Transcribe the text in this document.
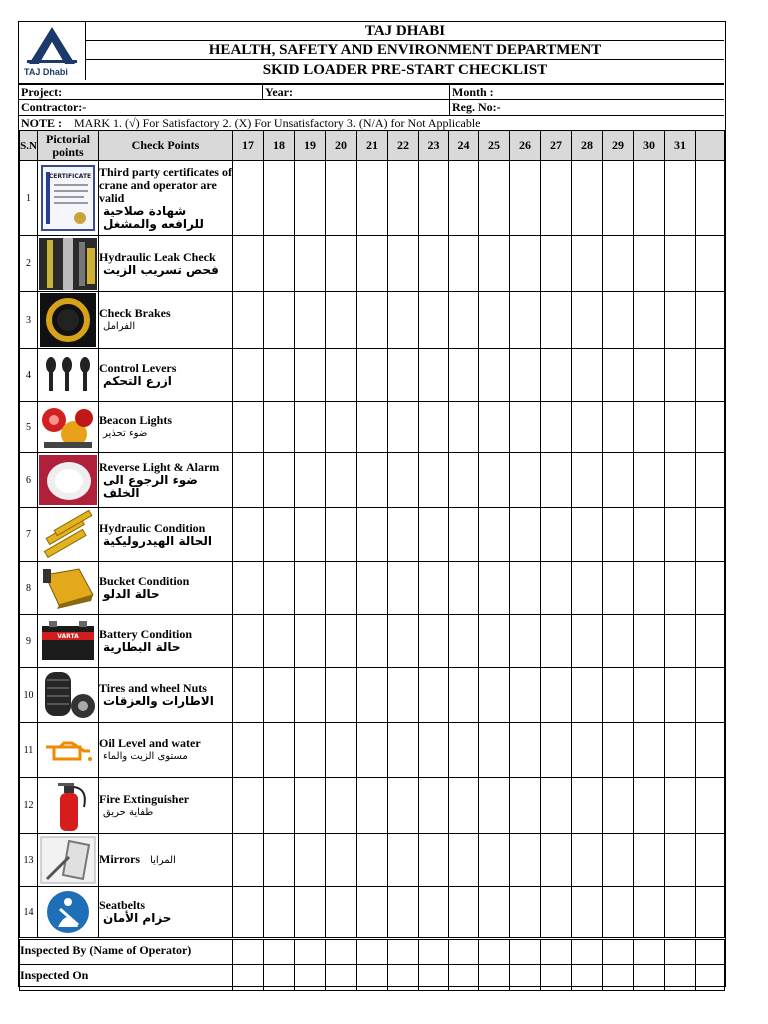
TAJ Dhabi
TAJ DHABI
HEALTH, SAFETY AND ENVIRONMENT DEPARTMENT
SKID LOADER PRE-START CHECKLIST
Project:	Year:	Month :
Contractor:-	Reg. No:-
NOTE : MARK 1. (√) For Satisfactory 2. (X) For Unsatisfactory 3. (N/A) for Not Applicable
S.N	Pictorial points	Check Points	17	18	19	20	21	22	23	24	25	26	27	28	29	30	31	
1	CERTIFICATE	Third party certificates of crane and operator are valid
شهادة صلاحية للرافعه والمشغل																

2		Hydraulic Leak Check
فحص تسريب الزيت																

3		Check Brakes
الفرامل																

4		Control Levers
ازرع التحكم																

5		Beacon Lights
ضوء تحذير																

6		Reverse Light & Alarm
ضوء الرجوع الى الخلف																

7		Hydraulic Condition
الحالة الهيدروليكية																

8		Bucket Condition
حالة الدلو																

9	VARTA	Battery Condition
حالة البطارية																

10		Tires and wheel Nuts
الاطارات والعزقات																

11		Oil Level and water
مستوى الزيت والماء																

12		Fire Extinguisher
طفاية حريق																

13		Mirrors المرايا																
14		Seatbelts
حزام الأمان																

Inspected By (Name of Operator)																		
Inspected On																		
